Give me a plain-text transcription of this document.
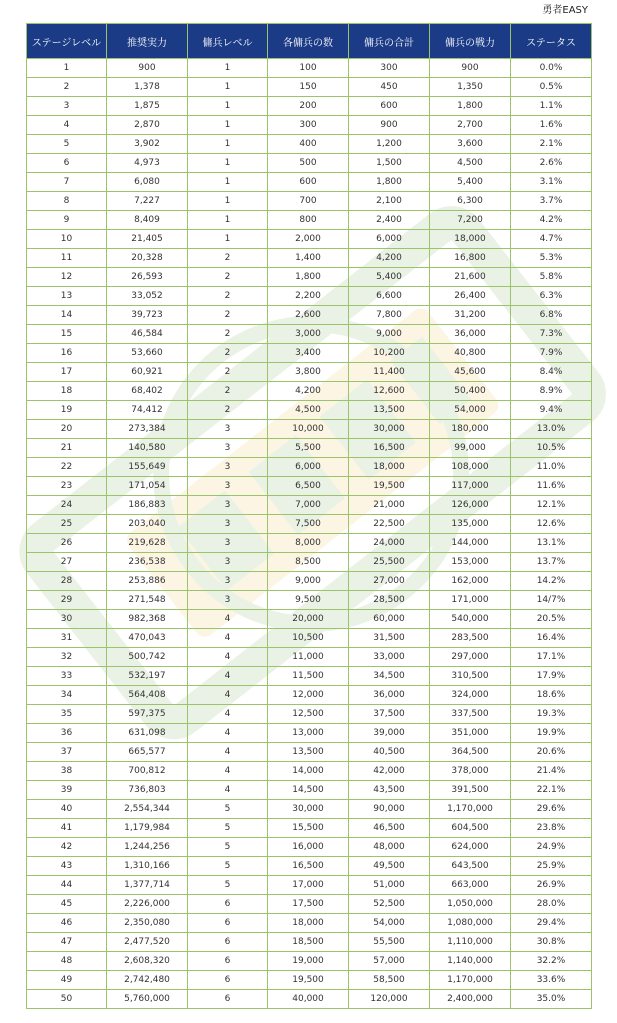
勇者EASY
ステージレベル	推奨実力	傭兵レベル	各傭兵の数	傭兵の合計	傭兵の戦力	ステータス
1	900	1	100	300	900	0.0%
2	1,378	1	150	450	1,350	0.5%
3	1,875	1	200	600	1,800	1.1%
4	2,870	1	300	900	2,700	1.6%
5	3,902	1	400	1,200	3,600	2.1%
6	4,973	1	500	1,500	4,500	2.6%
7	6,080	1	600	1,800	5,400	3.1%
8	7,227	1	700	2,100	6,300	3.7%
9	8,409	1	800	2,400	7,200	4.2%
10	21,405	1	2,000	6,000	18,000	4.7%
11	20,328	2	1,400	4,200	16,800	5.3%
12	26,593	2	1,800	5,400	21,600	5.8%
13	33,052	2	2,200	6,600	26,400	6.3%
14	39,723	2	2,600	7,800	31,200	6.8%
15	46,584	2	3,000	9,000	36,000	7.3%
16	53,660	2	3,400	10,200	40,800	7.9%
17	60,921	2	3,800	11,400	45,600	8.4%
18	68,402	2	4,200	12,600	50,400	8.9%
19	74,412	2	4,500	13,500	54,000	9.4%
20	273,384	3	10,000	30,000	180,000	13.0%
21	140,580	3	5,500	16,500	99,000	10.5%
22	155,649	3	6,000	18,000	108,000	11.0%
23	171,054	3	6,500	19,500	117,000	11.6%
24	186,883	3	7,000	21,000	126,000	12.1%
25	203,040	3	7,500	22,500	135,000	12.6%
26	219,628	3	8,000	24,000	144,000	13.1%
27	236,538	3	8,500	25,500	153,000	13.7%
28	253,886	3	9,000	27,000	162,000	14.2%
29	271,548	3	9,500	28,500	171,000	14/7%
30	982,368	4	20,000	60,000	540,000	20.5%
31	470,043	4	10,500	31,500	283,500	16.4%
32	500,742	4	11,000	33,000	297,000	17.1%
33	532,197	4	11,500	34,500	310,500	17.9%
34	564,408	4	12,000	36,000	324,000	18.6%
35	597,375	4	12,500	37,500	337,500	19.3%
36	631,098	4	13,000	39,000	351,000	19.9%
37	665,577	4	13,500	40,500	364,500	20.6%
38	700,812	4	14,000	42,000	378,000	21.4%
39	736,803	4	14,500	43,500	391,500	22.1%
40	2,554,344	5	30,000	90,000	1,170,000	29.6%
41	1,179,984	5	15,500	46,500	604,500	23.8%
42	1,244,256	5	16,000	48,000	624,000	24.9%
43	1,310,166	5	16,500	49,500	643,500	25.9%
44	1,377,714	5	17,000	51,000	663,000	26.9%
45	2,226,000	6	17,500	52,500	1,050,000	28.0%
46	2,350,080	6	18,000	54,000	1,080,000	29.4%
47	2,477,520	6	18,500	55,500	1,110,000	30.8%
48	2,608,320	6	19,000	57,000	1,140,000	32.2%
49	2,742,480	6	19,500	58,500	1,170,000	33.6%
50	5,760,000	6	40,000	120,000	2,400,000	35.0%
